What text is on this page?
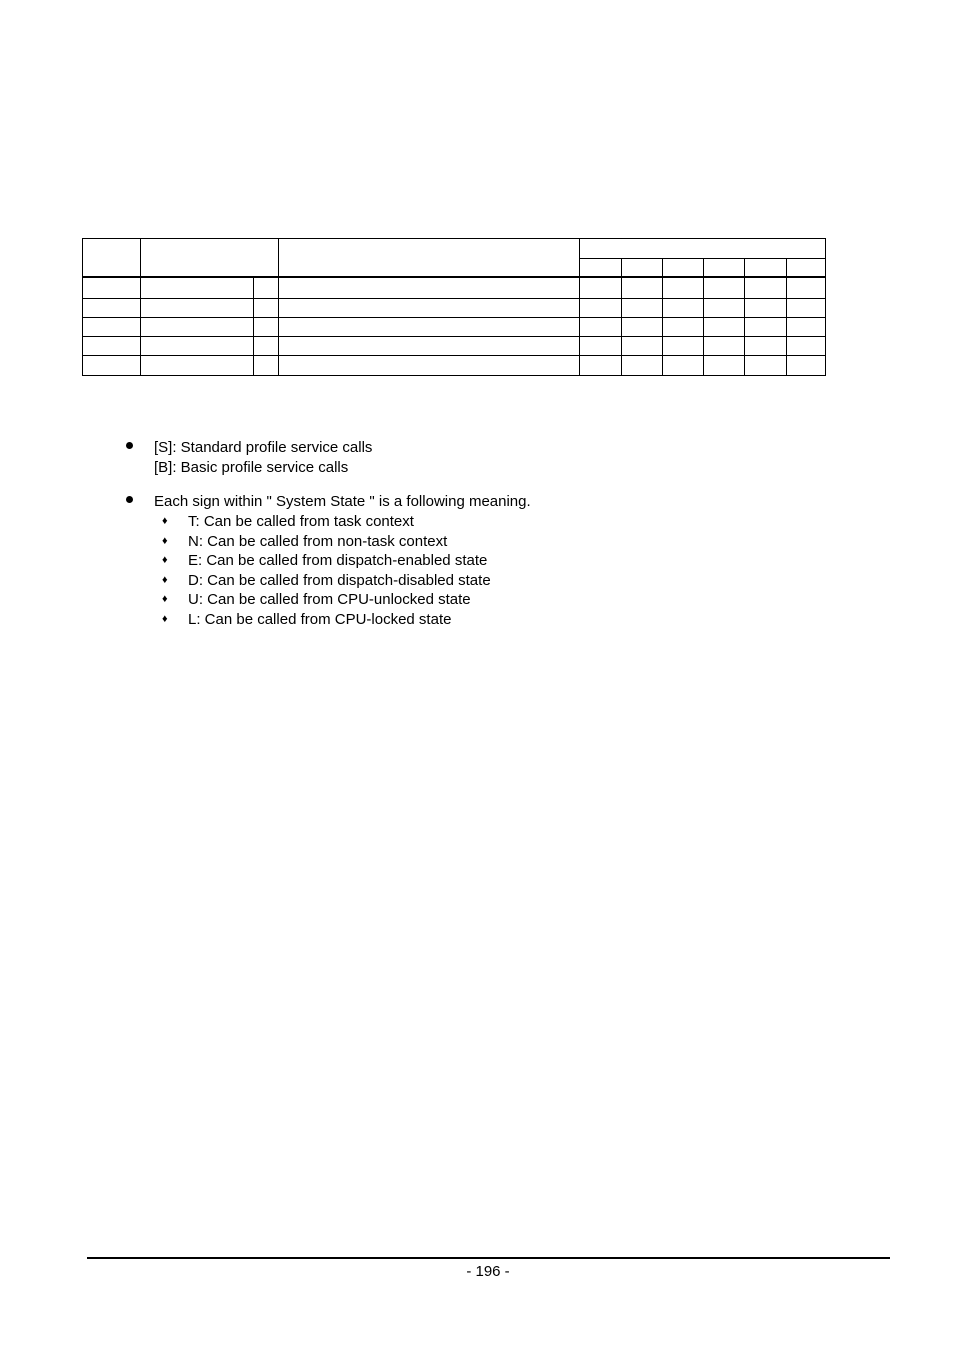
[S]: Standard profile service calls
[B]: Basic profile service calls
Each sign within " System State " is a following meaning.
♦ T: Can be called from task context
♦ N: Can be called from non-task context
♦ E: Can be called from dispatch-enabled state
♦ D: Can be called from dispatch-disabled state
♦ U: Can be called from CPU-unlocked state
♦ L: Can be called from CPU-locked state
- 196 -
